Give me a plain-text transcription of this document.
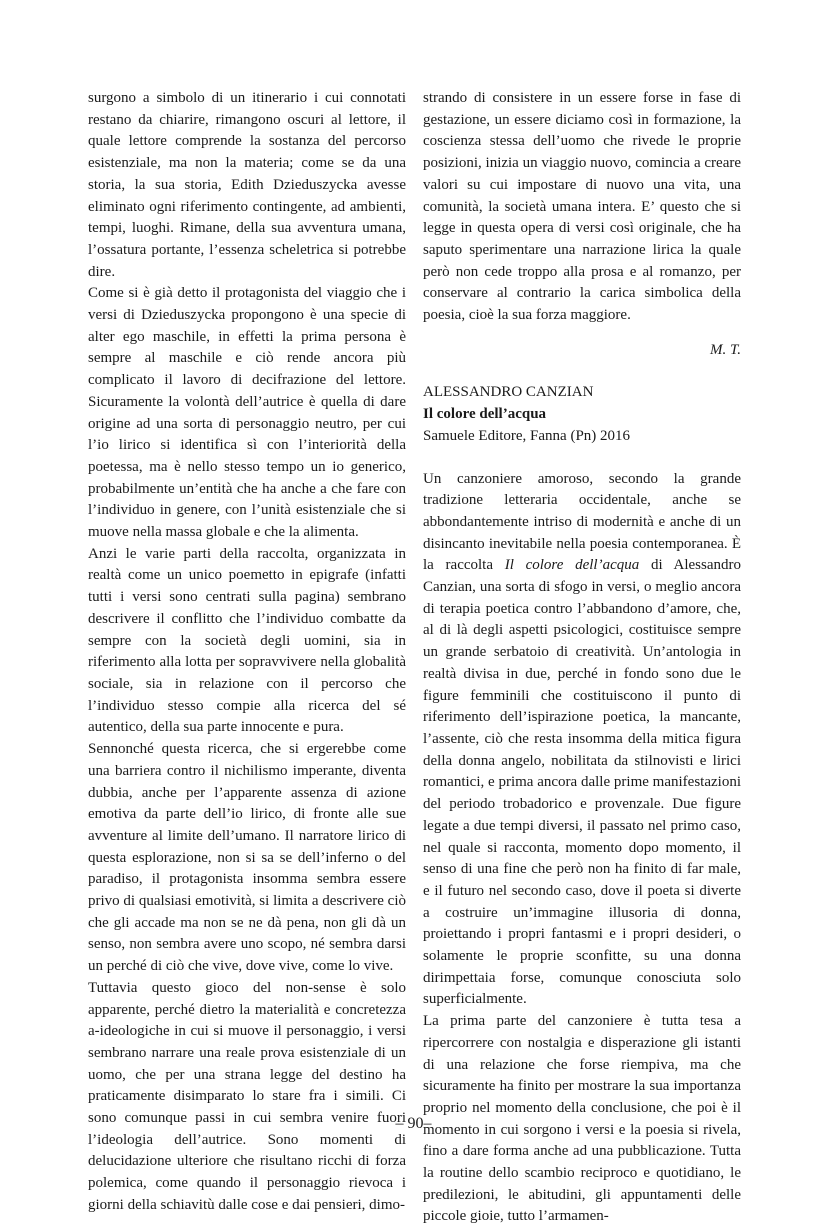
surgono a simbolo di un itinerario i cui connotati restano da chiarire, rimangono oscuri al lettore, il quale lettore comprende la sostanza del percorso esistenziale, ma non la materia; come se da una storia, la sua storia, Edith Dzieduszycka avesse eliminato ogni riferimento contingente, ad ambienti, tempi, luoghi. Rimane, della sua avventura umana, l’ossatura portante, l’essenza scheletrica si potrebbe dire.

Come si è già detto il protagonista del viaggio che i versi di Dzieduszycka propongono è una specie di alter ego maschile, in effetti la prima persona è sempre al maschile e ciò rende ancora più complicato il lavoro di decifrazione del lettore. Sicuramente la volontà dell’autrice è quella di dare origine ad una sorta di personaggio neutro, per cui l’io lirico si identifica sì con l’interiorità della poetessa, ma è nello stesso tempo un io generico, probabilmente un’entità che ha anche a che fare con l’individuo in genere, con l’unità esistenziale che si muove nella massa globale e che la alimenta.

Anzi le varie parti della raccolta, organizzata in realtà come un unico poemetto in epigrafe (infatti tutti i versi sono centrati sulla pagina) sembrano descrivere il conflitto che l’individuo combatte da sempre con la società degli uomini, sia in riferimento alla lotta per sopravvivere nella globalità sociale, sia in relazione con il percorso che l’individuo stesso compie alla ricerca del sé autentico, della sua parte innocente e pura.

Sennonché questa ricerca, che si ergerebbe come una barriera contro il nichilismo imperante, diventa dubbia, anche per l’apparente assenza di azione emotiva da parte dell’io lirico, di fronte alle sue avventure al limite dell’umano. Il narratore lirico di questa esplorazione, non si sa se dell’inferno o del paradiso, il protagonista insomma sembra essere privo di qualsiasi emotività, si limita a descrivere ciò che gli accade ma non se ne dà pena, non gli dà un senso, non sembra avere uno scopo, né sembra darsi un perché di ciò che vive, dove vive, come lo vive.

Tuttavia questo gioco del non-sense è solo apparente, perché dietro la materialità e concretezza a-ideologiche in cui si muove il personaggio, i versi sembrano narrare una reale prova esistenziale di un uomo, che per una strana legge del destino ha praticamente disimparato lo stare fra i simili. Ci sono comunque passi in cui sembra venire fuori l’ideologia dell’autrice. Sono momenti di delucidazione ulteriore che risultano ricchi di forza polemica, come quando il personaggio rievoca i giorni della schiavitù dalle cose e dai pensieri, dimo-

strando di consistere in un essere forse in fase di gestazione, un essere diciamo così in formazione, la coscienza stessa dell’uomo che rivede le proprie posizioni, inizia un viaggio nuovo, comincia a creare valori su cui impostare di nuovo una vita, una comunità, la società umana intera. E’ questo che si legge in questa opera di versi così originale, che ha saputo sperimentare una narrazione lirica la quale però non cede troppo alla prosa e al romanzo, per conservare al contrario la carica simbolica della poesia, cioè la sua forza maggiore.

M. T.
ALESSANDRO CANZIAN
Il colore dell’acqua
Samuele Editore, Fanna (Pn) 2016

Un canzoniere amoroso, secondo la grande tradizione letteraria occidentale, anche se abbondantemente intriso di modernità e anche di un disincanto inevitabile nella poesia contemporanea. È la raccolta Il colore dell’acqua di Alessandro Canzian, una sorta di sfogo in versi, o meglio ancora di terapia poetica contro l’abbandono d’amore, che, al di là degli aspetti psicologici, costituisce sempre un grande serbatoio di creatività. Un’antologia in realtà divisa in due, perché in fondo sono due le figure femminili che costituiscono il punto di riferimento dell’ispirazione poetica, la mancante, l’assente, ciò che resta insomma della mitica figura della donna angelo, nobilitata da stilnovisti e lirici romantici, e prima ancora dalle prime manifestazioni del periodo trobadorico e provenzale. Due figure legate a due tempi diversi, il passato nel primo caso, nel quale si racconta, momento dopo momento, il senso di una fine che però non ha finito di far male, e il futuro nel secondo caso, dove il poeta si diverte a costruire un’immagine illusoria di donna, proiettando i propri fantasmi e i propri desideri, o solamente le proprie sconfitte, su una donna dirimpettaia forse, comunque conosciuta solo superficialmente.

La prima parte del canzoniere è tutta tesa a ripercorrere con nostalgia e disperazione gli istanti di una relazione che forse riempiva, ma che sicuramente ha finito per mostrare la sua importanza proprio nel momento della conclusione, che poi è il momento in cui sorgono i versi e la poesia si rivela, fino a dare forma anche ad una pubblicazione. Tutta la routine dello scambio reciproco e quotidiano, le predilezioni, le abitudini, gli appuntamenti delle piccole gioie, tutto l’armamen-

– 90–
